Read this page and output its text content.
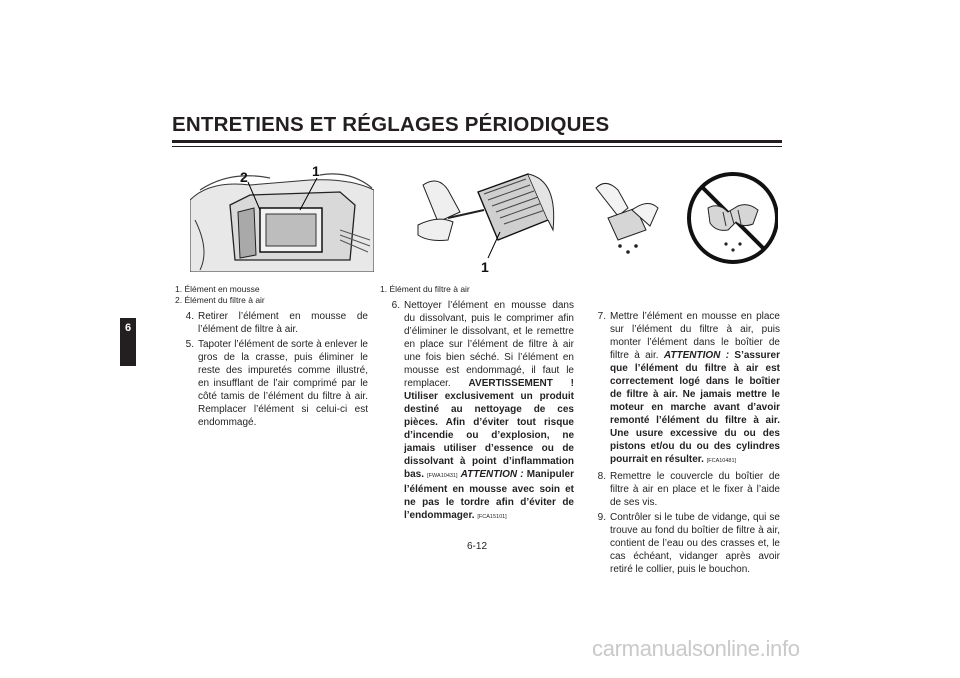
ENTRETIENS ET RÉGLAGES PÉRIODIQUES
6
2	1
1. Élément en mousse
2. Élément du filtre à air
1
1. Élément du filtre à air
4. Retirer l’élément en mousse de l’élément de filtre à air.
5. Tapoter l’élément de sorte à enlever le gros de la crasse, puis éliminer le reste des impuretés comme illustré, en insufflant de l’air comprimé par le côté tamis de l’élément du filtre à air. Remplacer l’élément si celui-ci est endommagé.
6. Nettoyer l’élément en mousse dans du dissolvant, puis le comprimer afin d’éliminer le dissolvant, et le remettre en place sur l’élément de filtre à air une fois bien séché. Si l’élément en mousse est endommagé, il faut le remplacer. AVERTISSEMENT ! Utiliser exclusivement un produit destiné au nettoyage de ces pièces. Afin d’éviter tout risque d’incendie ou d’explosion, ne jamais utiliser d’essence ou de dissolvant à point d’inflammation bas. [FWA10431] ATTENTION : Manipuler l’élément en mousse avec soin et ne pas le tordre afin d’éviter de l’endommager. [FCA15101]
7. Mettre l’élément en mousse en place sur l’élément du filtre à air, puis monter l’élément dans le boîtier de filtre à air. ATTENTION : S’assurer que l’élément du filtre à air est correctement logé dans le boîtier de filtre à air. Ne jamais mettre le moteur en marche avant d’avoir remonté l’élément du filtre à air. Une usure excessive du ou des pistons et/ou du ou des cylindres pourrait en résulter. [FCA10481]
8. Remettre le couvercle du boîtier de filtre à air en place et le fixer à l’aide de ses vis.
9. Contrôler si le tube de vidange, qui se trouve au fond du boîtier de filtre à air, contient de l’eau ou des crasses et, le cas échéant, vidanger après avoir retiré le collier, puis le bouchon.
6-12
carmanualsonline.info
